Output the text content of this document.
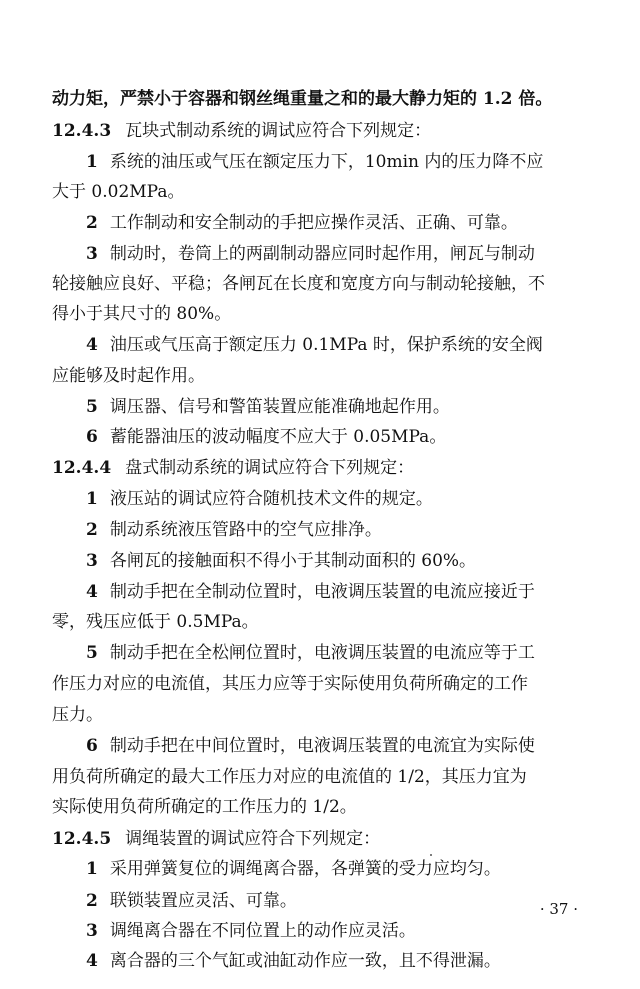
动力矩，严禁小于容器和钢丝绳重量之和的最大静力矩的 1.2 倍。
12.4.3 瓦块式制动系统的调试应符合下列规定：
1 系统的油压或气压在额定压力下，10min 内的压力降不应
大于 0.02MPa。
2 工作制动和安全制动的手把应操作灵活、正确、可靠。
3 制动时，卷筒上的两副制动器应同时起作用，闸瓦与制动
轮接触应良好、平稳；各闸瓦在长度和宽度方向与制动轮接触，不
得小于其尺寸的 80%。
4 油压或气压高于额定压力 0.1MPa 时，保护系统的安全阀
应能够及时起作用。
5 调压器、信号和警笛装置应能准确地起作用。
6 蓄能器油压的波动幅度不应大于 0.05MPa。
12.4.4 盘式制动系统的调试应符合下列规定：
1 液压站的调试应符合随机技术文件的规定。
2 制动系统液压管路中的空气应排净。
3 各闸瓦的接触面积不得小于其制动面积的 60%。
4 制动手把在全制动位置时，电液调压装置的电流应接近于
零，残压应低于 0.5MPa。
5 制动手把在全松闸位置时，电液调压装置的电流应等于工
作压力对应的电流值，其压力应等于实际使用负荷所确定的工作
压力。
6 制动手把在中间位置时，电液调压装置的电流宜为实际使
用负荷所确定的最大工作压力对应的电流值的 1/2，其压力宜为
实际使用负荷所确定的工作压力的 1/2。
12.4.5 调绳装置的调试应符合下列规定：
1 采用弹簧复位的调绳离合器，各弹簧的受力应均匀。
2 联锁装置应灵活、可靠。
3 调绳离合器在不同位置上的动作应灵活。
4 离合器的三个气缸或油缸动作应一致，且不得泄漏。
· 37 ·
